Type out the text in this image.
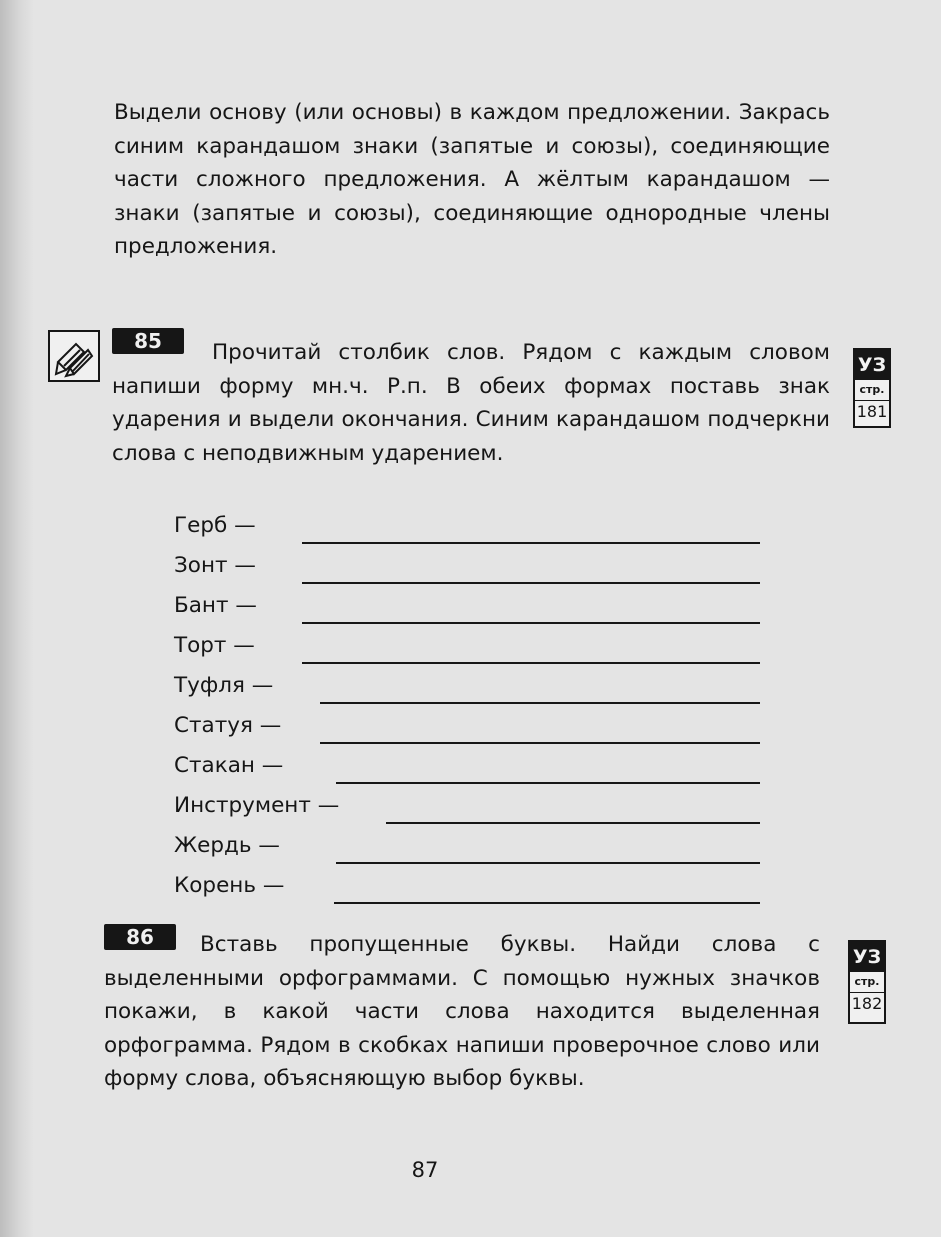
Выдели основу (или основы) в каждом предложении. Закрась синим карандашом знаки (запятые и союзы), соединяющие части сложного предложения. А жёлтым карандашом — знаки (запятые и союзы), соединяющие однородные члены предложения.

85	Прочитай столбик слов. Рядом с каждым словом напиши форму мн.ч. Р.п. В обеих формах поставь знак ударения и выдели окончания. Синим карандашом подчеркни слова с неподвижным ударением.

УЗ
стр.
181
Герб —
Зонт —
Бант —
Торт —
Туфля —
Статуя —
Стакан —
Инструмент —
Жердь —
Корень —
86	Вставь пропущенные буквы. Найди слова с выделенными орфограммами. С помощью нужных значков покажи, в какой части слова находится выделенная орфограмма. Рядом в скобках напиши проверочное слово или форму слова, объясняющую выбор буквы.

УЗ
стр.
182
87
